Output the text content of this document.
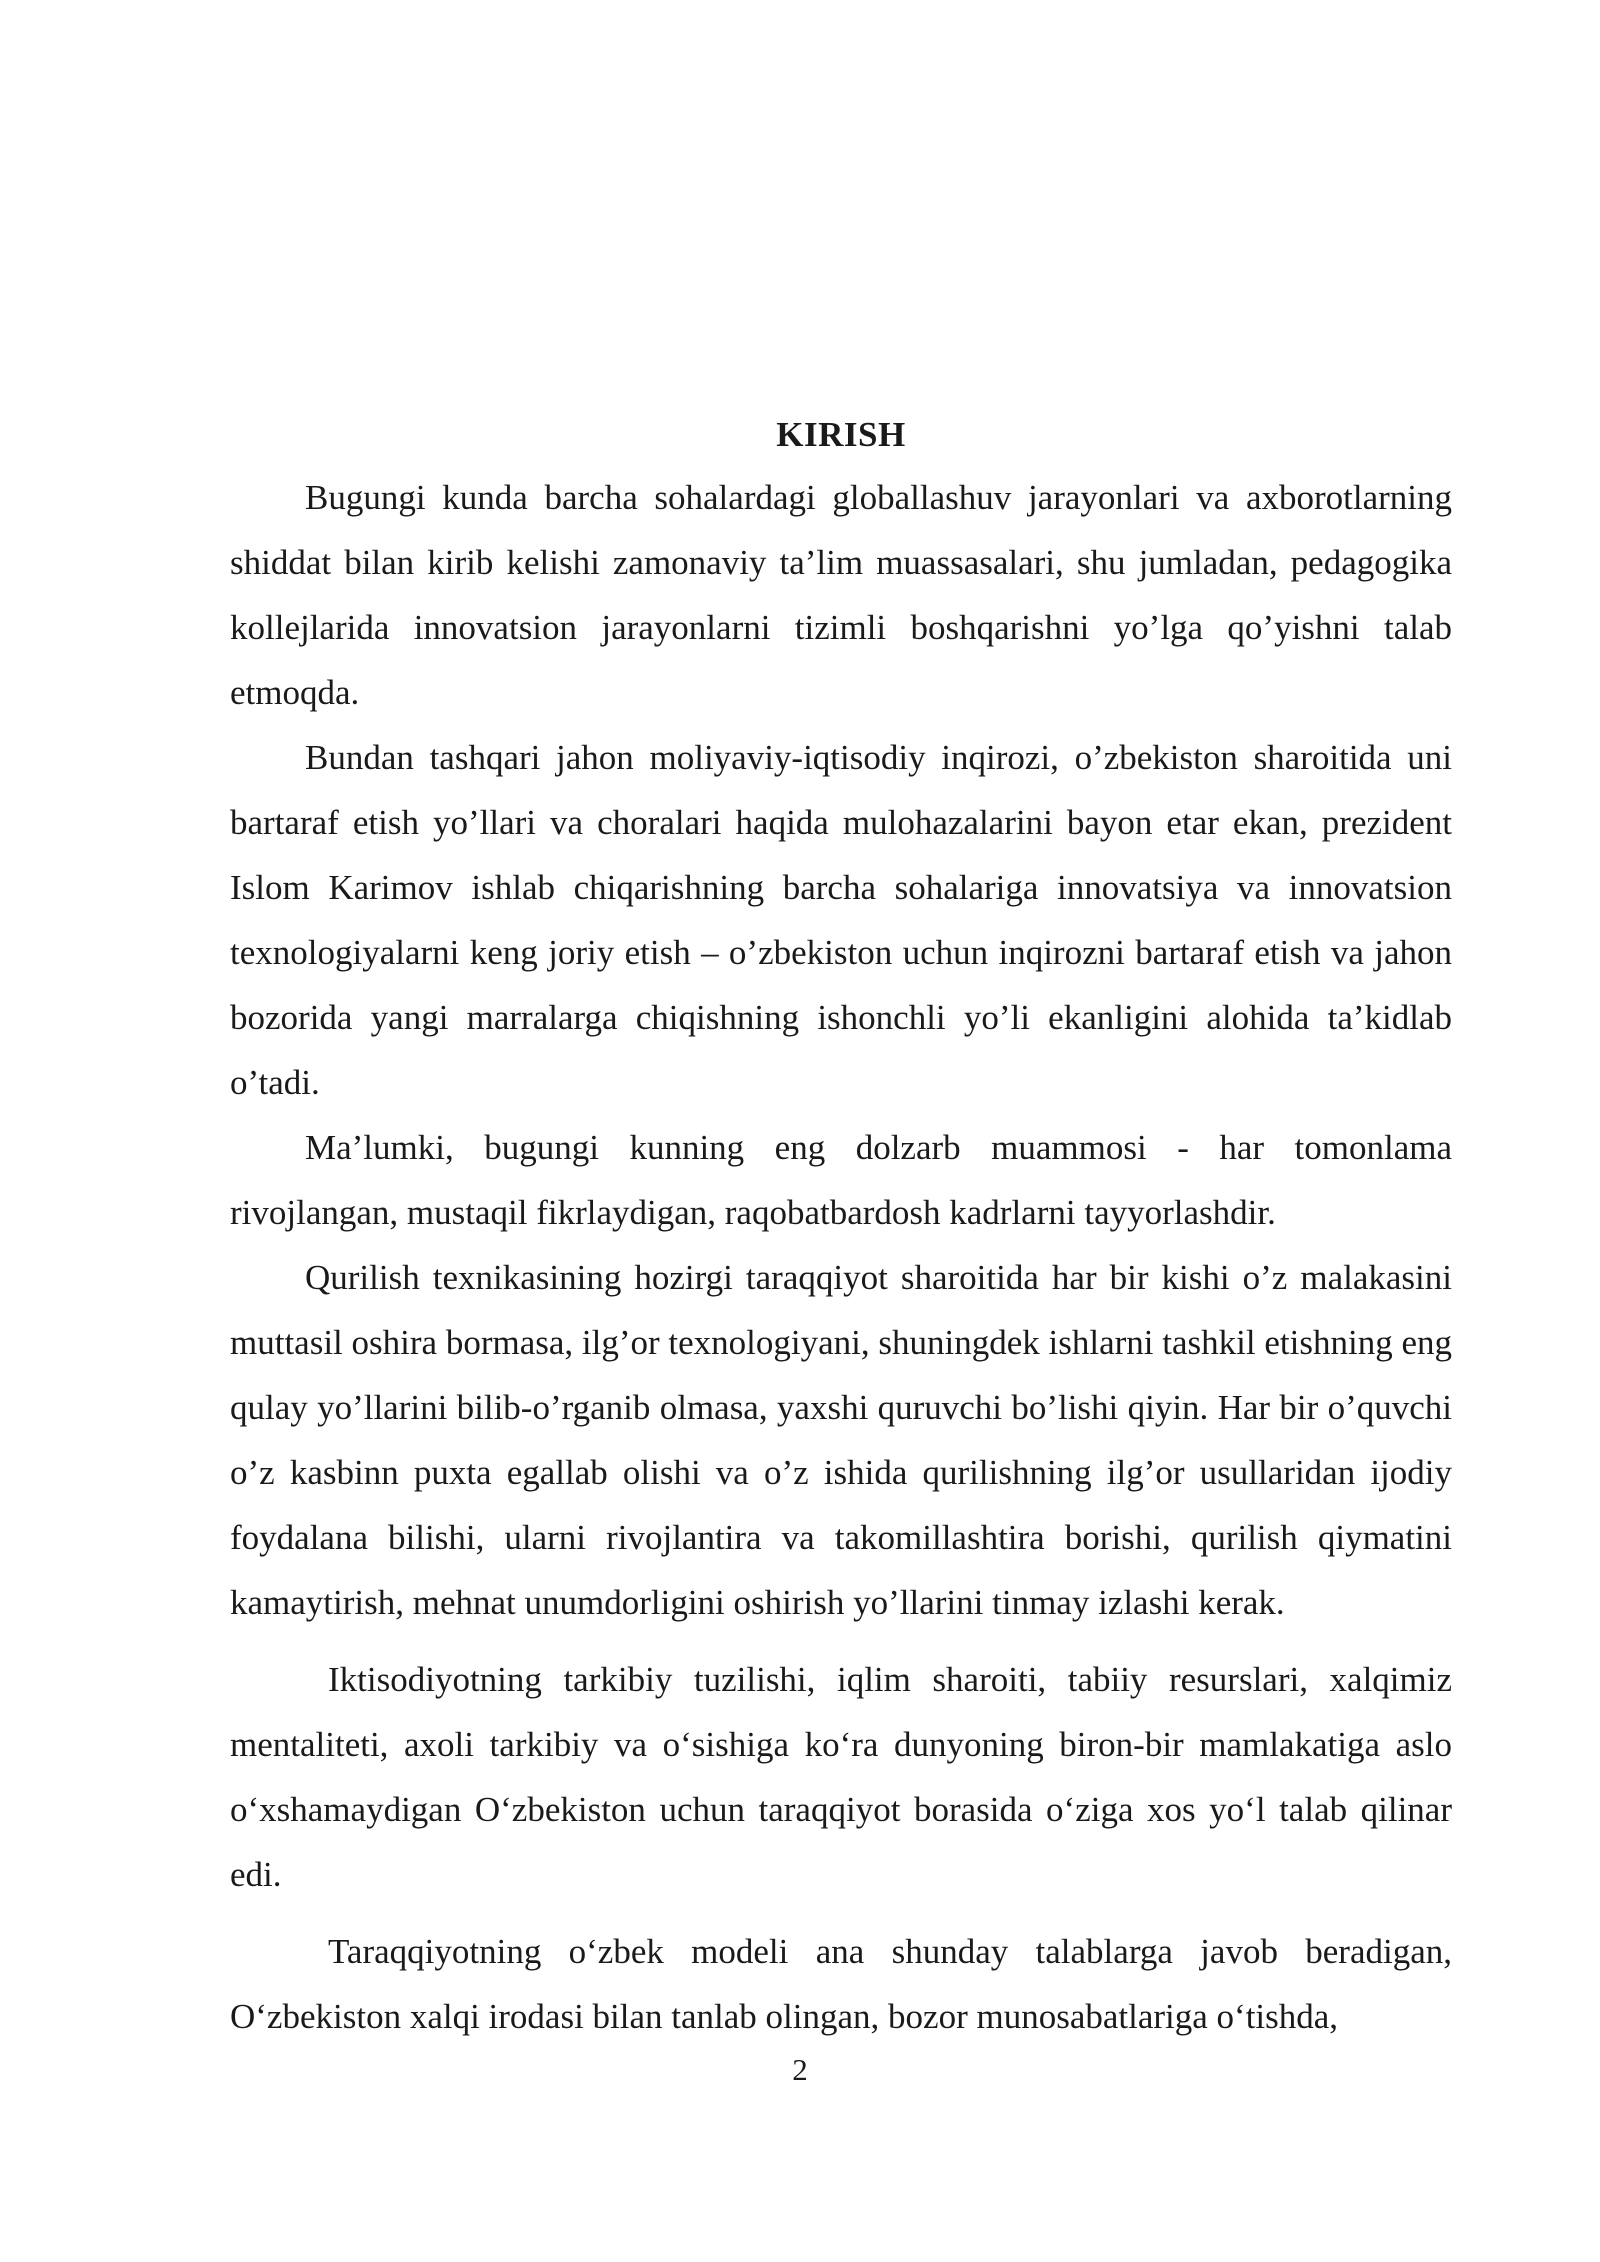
KIRISH

Bugungi kunda barcha sohalardagi globallashuv jarayonlari va axborotlarning shiddat bilan kirib kelishi zamonaviy ta’lim muassasalari, shu jumladan, pedagogika kollejlarida innovatsion jarayonlarni tizimli boshqarishni yo’lga qo’yishni talab etmoqda.

Bundan tashqari jahon moliyaviy-iqtisodiy inqirozi, o’zbekiston sharoitida uni bartaraf etish yo’llari va choralari haqida mulohazalarini bayon etar ekan, prezident Islom Karimov ishlab chiqarishning barcha sohalariga innovatsiya va innovatsion texnologiyalarni keng joriy etish – o’zbekiston uchun inqirozni bartaraf etish va jahon bozorida yangi marralarga chiqishning ishonchli yo’li ekanligini alohida ta’kidlab o’tadi.

Ma’lumki, bugungi kunning eng dolzarb muammosi - har tomonlama rivojlangan, mustaqil fikrlaydigan, raqobatbardosh kadrlarni tayyorlashdir.

Qurilish texnikasining hozirgi taraqqiyot sharoitida har bir kishi o’z malakasini muttasil oshira bormasa, ilg’or texnologiyani, shuningdek ishlarni tashkil etishning eng qulay yo’llarini bilib-o’rganib olmasa, yaxshi quruvchi bo’lishi qiyin. Har bir o’quvchi o’z kasbinn puxta egallab olishi va o’z ishida qurilishning ilg’or usullaridan ijodiy foydalana bilishi, ularni rivojlantira va takomillashtira borishi, qurilish qiymatini kamaytirish, mehnat unumdorligini oshirish yo’llarini tinmay izlashi kerak.

Iktisodiyotning tarkibiy tuzilishi, iqlim sharoiti, tabiiy resurslari, xalqimiz mentaliteti, axoli tarkibiy va o‘sishiga ko‘ra dunyoning biron-bir mamlakatiga aslo o‘xshamaydigan O‘zbekiston uchun taraqqiyot borasida o‘ziga xos yo‘l talab qilinar edi.

Taraqqiyotning o‘zbek modeli ana shunday talablarga javob beradigan, O‘zbekiston xalqi irodasi bilan tanlab olingan, bozor munosabatlariga o‘tishda,

2
